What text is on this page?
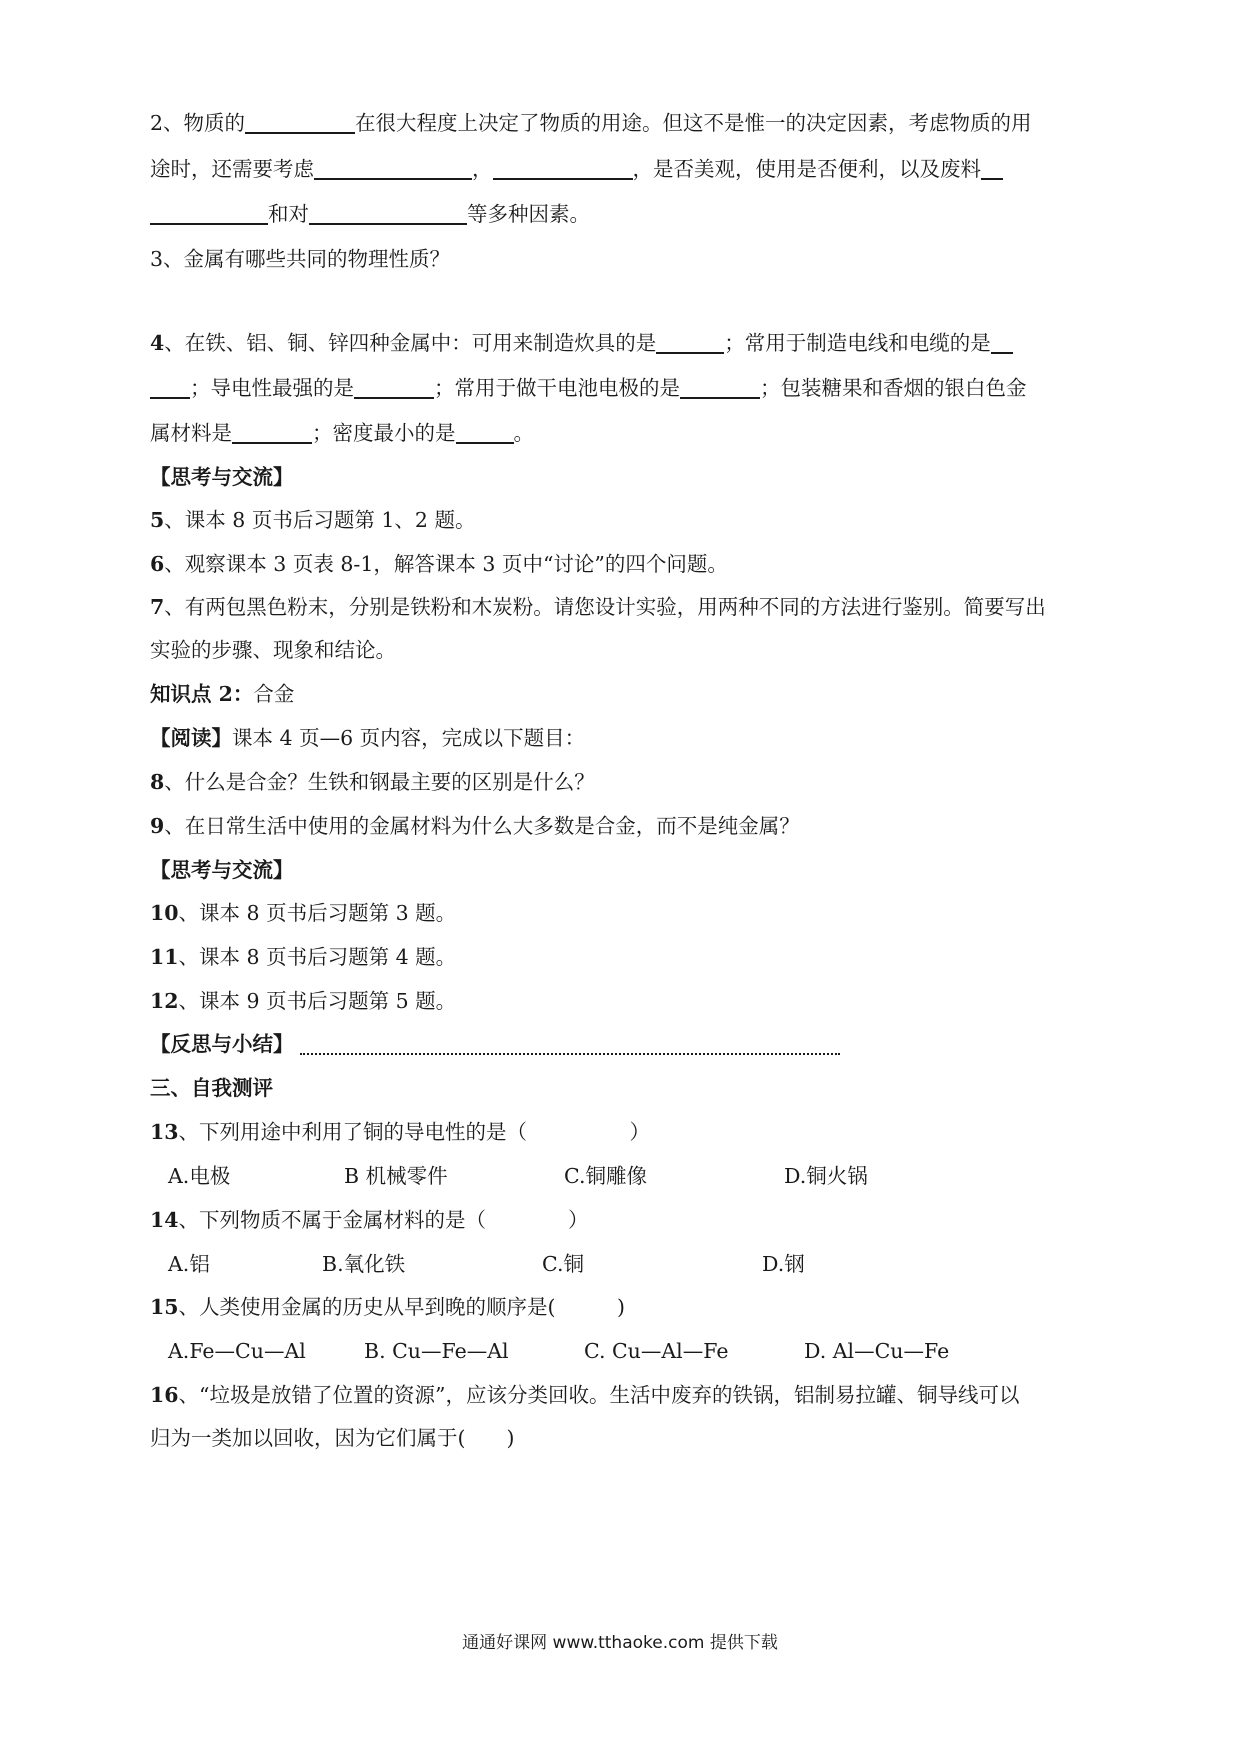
2、物质的	在很大程度上决定了物质的用途。但这不是惟一的决定因素，考虑物质的用
途时，还需要考虑	，	，是否美观，使用是否便利，以及废料
和对	等多种因素。
3、金属有哪些共同的物理性质？
4、在铁、铝、铜、锌四种金属中：可用来制造炊具的是	；常用于制造电线和电缆的是
；导电性最强的是	；常用于做干电池电极的是	；包装糖果和香烟的银白色金
属材料是	；密度最小的是	。
【思考与交流】
5、课本 8 页书后习题第 1、2 题。
6、观察课本 3 页表 8-1，解答课本 3 页中“讨论”的四个问题。
7、有两包黑色粉末，分别是铁粉和木炭粉。请您设计实验，用两种不同的方法进行鉴别。简要写出
实验的步骤、现象和结论。
知识点 2：合金
【阅读】课本 4 页—6 页内容，完成以下题目：
8、什么是合金？生铁和钢最主要的区别是什么？
9、在日常生活中使用的金属材料为什么大多数是合金，而不是纯金属？
【思考与交流】
10、课本 8 页书后习题第 3 题。
11、课本 8 页书后习题第 4 题。
12、课本 9 页书后习题第 5 题。
【反思与小结】
三、自我测评
13、下列用途中利用了铜的导电性的是（　　　　　）
A.电极	B 机械零件	C.铜雕像	D.铜火锅
14、下列物质不属于金属材料的是（　　　　）
A.铝	B.氧化铁	C.铜	D.钢
15、人类使用金属的历史从早到晚的顺序是(　　　)
A.Fe—Cu—Al	B. Cu—Fe—Al	C. Cu—Al—Fe	D. Al—Cu—Fe
16、“垃圾是放错了位置的资源”，应该分类回收。生活中废弃的铁锅，铝制易拉罐、铜导线可以
归为一类加以回收，因为它们属于(　　)
通通好课网 www.tthaoke.com 提供下载
